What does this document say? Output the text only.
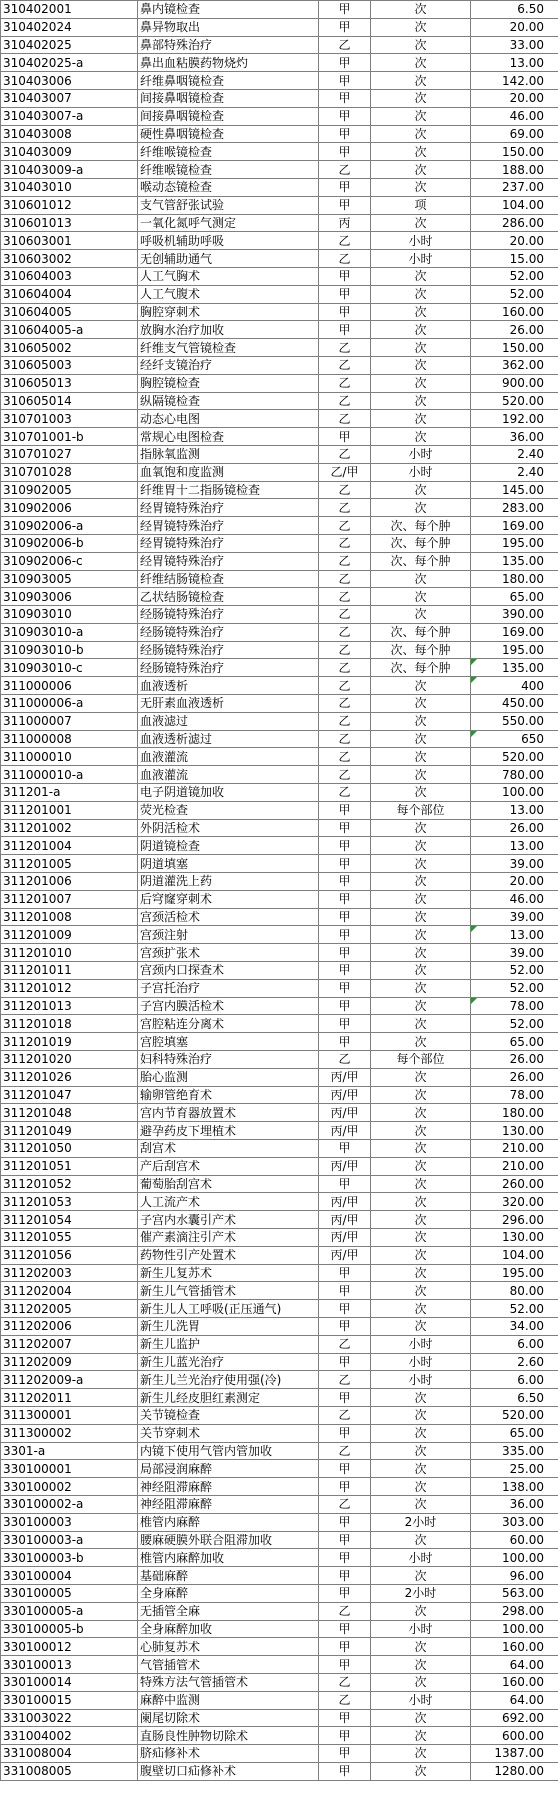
310402001	鼻内镜检查	甲	次	6.50
310402024	鼻异物取出	甲	次	20.00
310402025	鼻部特殊治疗	乙	次	33.00
310402025-a	鼻出血粘膜药物烧灼	甲	次	13.00
310403006	纤维鼻咽镜检查	甲	次	142.00
310403007	间接鼻咽镜检查	甲	次	20.00
310403007-a	间接鼻咽镜检查	甲	次	46.00
310403008	硬性鼻咽镜检查	甲	次	69.00
310403009	纤维喉镜检查	甲	次	150.00
310403009-a	纤维喉镜检查	乙	次	188.00
310403010	喉动态镜检查	甲	次	237.00
310601012	支气管舒张试验	甲	项	104.00
310601013	一氧化氮呼气测定	丙	次	286.00
310603001	呼吸机辅助呼吸	乙	小时	20.00
310603002	无创辅助通气	乙	小时	15.00
310604003	人工气胸术	甲	次	52.00
310604004	人工气腹术	甲	次	52.00
310604005	胸腔穿刺术	甲	次	160.00
310604005-a	放胸水治疗加收	甲	次	26.00
310605002	纤维支气管镜检查	乙	次	150.00
310605003	经纤支镜治疗	乙	次	362.00
310605013	胸腔镜检查	乙	次	900.00
310605014	纵隔镜检查	乙	次	520.00
310701003	动态心电图	乙	次	192.00
310701001-b	常规心电图检查	甲	次	36.00
310701027	指脉氧监测	乙	小时	2.40
310701028	血氧饱和度监测	乙/甲	小时	2.40
310902005	纤维胃十二指肠镜检查	乙	次	145.00
310902006	经胃镜特殊治疗	乙	次	283.00
310902006-a	经胃镜特殊治疗	乙	次、每个肿	169.00
310902006-b	经胃镜特殊治疗	乙	次、每个肿	195.00
310902006-c	经胃镜特殊治疗	乙	次、每个肿	135.00
310903005	纤维结肠镜检查	乙	次	180.00
310903006	乙状结肠镜检查	乙	次	65.00
310903010	经肠镜特殊治疗	乙	次	390.00
310903010-a	经肠镜特殊治疗	乙	次、每个肿	169.00
310903010-b	经肠镜特殊治疗	乙	次、每个肿	195.00
310903010-c	经肠镜特殊治疗	乙	次、每个肿	135.00
311000006	血液透析	乙	次	400
311000006-a	无肝素血液透析	乙	次	450.00
311000007	血液滤过	乙	次	550.00
311000008	血液透析滤过	乙	次	650
311000010	血液灌流	乙	次	520.00
311000010-a	血液灌流	乙	次	780.00
311201-a	电子阴道镜加收	乙	次	100.00
311201001	荧光检查	甲	每个部位	13.00
311201002	外阴活检术	甲	次	26.00
311201004	阴道镜检查	甲	次	13.00
311201005	阴道填塞	甲	次	39.00
311201006	阴道灌洗上药	甲	次	20.00
311201007	后穹窿穿刺术	甲	次	46.00
311201008	宫颈活检术	甲	次	39.00
311201009	宫颈注射	甲	次	13.00
311201010	宫颈扩张术	甲	次	39.00
311201011	宫颈内口探查术	甲	次	52.00
311201012	子宫托治疗	甲	次	52.00
311201013	子宫内膜活检术	甲	次	78.00
311201018	宫腔粘连分离术	甲	次	52.00
311201019	宫腔填塞	甲	次	65.00
311201020	妇科特殊治疗	乙	每个部位	26.00
311201026	胎心监测	丙/甲	次	26.00
311201047	输卵管绝育术	丙/甲	次	78.00
311201048	宫内节育器放置术	丙/甲	次	180.00
311201049	避孕药皮下埋植术	丙/甲	次	130.00
311201050	刮宫术	甲	次	210.00
311201051	产后刮宫术	丙/甲	次	210.00
311201052	葡萄胎刮宫术	甲	次	260.00
311201053	人工流产术	丙/甲	次	320.00
311201054	子宫内水囊引产术	丙/甲	次	296.00
311201055	催产素滴注引产术	丙/甲	次	130.00
311201056	药物性引产处置术	丙/甲	次	104.00
311202003	新生儿复苏术	甲	次	195.00
311202004	新生儿气管插管术	甲	次	80.00
311202005	新生儿人工呼吸(正压通气)	甲	次	52.00
311202006	新生儿洗胃	甲	次	34.00
311202007	新生儿监护	乙	小时	6.00
311202009	新生儿蓝光治疗	甲	小时	2.60
311202009-a	新生儿兰光治疗使用强(冷)	乙	小时	6.00
311202011	新生儿经皮胆红素测定	甲	次	6.50
311300001	关节镜检查	乙	次	520.00
311300002	关节穿刺术	甲	次	65.00
3301-a	内镜下使用气管内管加收	乙	次	335.00
330100001	局部浸润麻醉	甲	次	25.00
330100002	神经阻滞麻醉	甲	次	138.00
330100002-a	神经阻滞麻醉	乙	次	36.00
330100003	椎管内麻醉	甲	2小时	303.00
330100003-a	腰麻硬膜外联合阻滞加收	甲	次	60.00
330100003-b	椎管内麻醉加收	甲	小时	100.00
330100004	基础麻醉	甲	次	96.00
330100005	全身麻醉	甲	2小时	563.00
330100005-a	无插管全麻	乙	次	298.00
330100005-b	全身麻醉加收	甲	小时	100.00
330100012	心肺复苏术	甲	次	160.00
330100013	气管插管术	甲	次	64.00
330100014	特殊方法气管插管术	乙	次	160.00
330100015	麻醉中监测	乙	小时	64.00
331003022	阑尾切除术	甲	次	692.00
331004002	直肠良性肿物切除术	甲	次	600.00
331008004	脐疝修补术	甲	次	1387.00
331008005	腹壁切口疝修补术	甲	次	1280.00
